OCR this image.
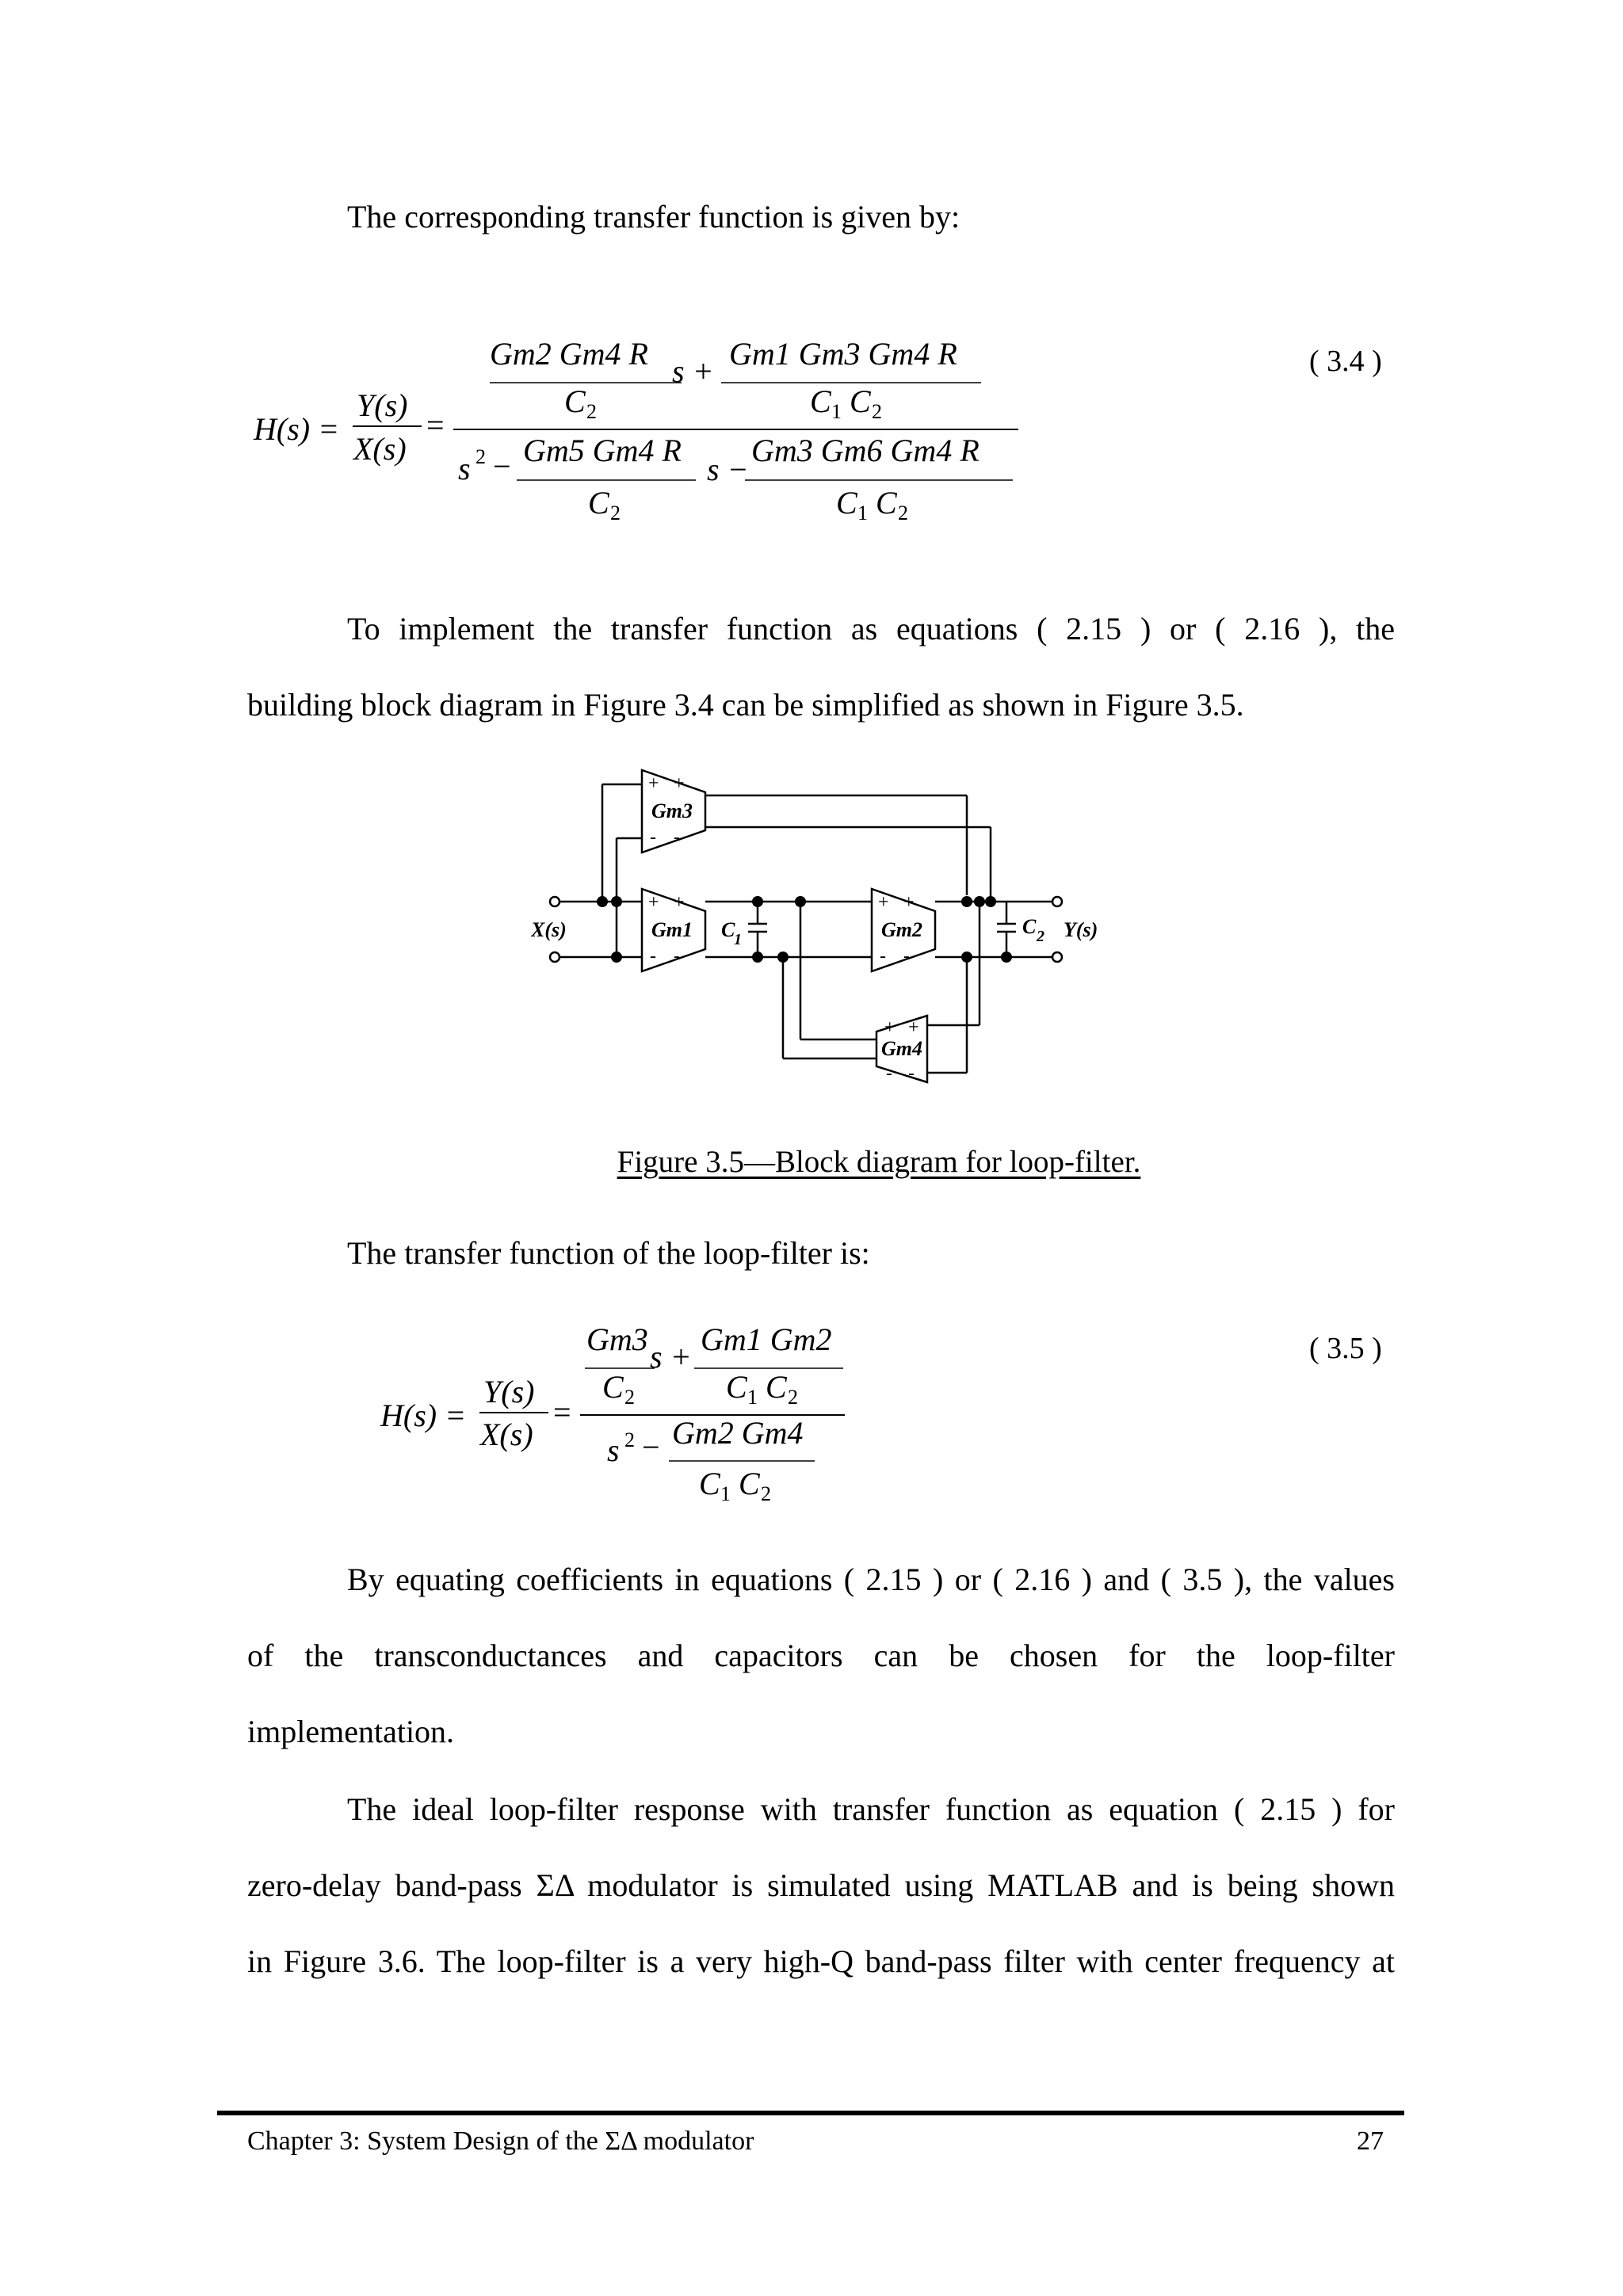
The corresponding transfer function is given by:
( 3.4 )
H(s) =
Y(s)
X(s)
=
Gm2 Gm4 R
C 2
s + Gm1 Gm3 Gm4 R
C 1 C 2
s 2 − Gm5 Gm4 R
C 2
s −
Gm3 Gm6 Gm4 R
C 1 C 2
To implement the transfer function as equations ( 2.15 ) or ( 2.16 ), the
building block diagram in Figure 3.4 can be simplified as shown in Figure 3.5.
Gm3
Gm1	Gm2
Gm4
X(s)	Y(s)
C
1
C 2
+ +
- -
+ +
- -
+ +
- -
+ +
- -
Figure 3.5—Block diagram for loop-filter.
The transfer function of the loop-filter is:
( 3.5 )
H(s) =
Y(s)
X(s)
=
Gm3
C 2
s + Gm1 Gm2
C 1 C 2
s 2 − Gm2 Gm4
C 1 C 2
By equating coefficients in equations ( 2.15 ) or ( 2.16 ) and ( 3.5 ), the values
of the transconductances and capacitors can be chosen for the loop-filter
implementation.
The ideal loop-filter response with transfer function as equation ( 2.15 ) for
zero-delay band-pass ΣΔ modulator is simulated using MATLAB and is being shown
in Figure 3.6. The loop-filter is a very high-Q band-pass filter with center frequency at
Chapter 3: System Design of the ΣΔ modulator	27
